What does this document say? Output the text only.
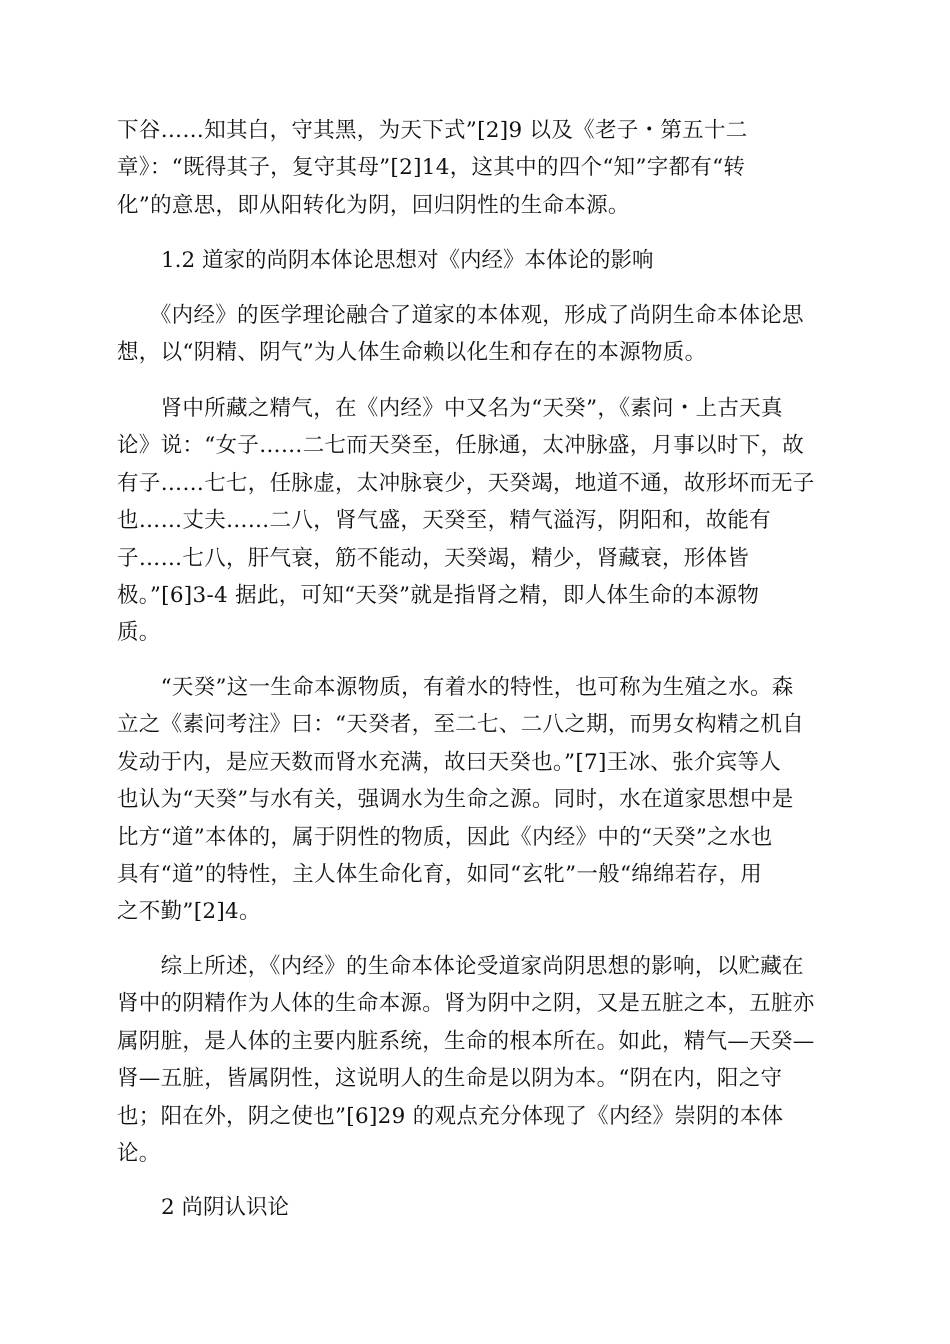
下谷……知其白，守其黑，为天下式”[2]9 以及《老子・第五十二
章》：“既得其子，复守其母”[2]14，这其中的四个“知”字都有“转
化”的意思，即从阳转化为阴，回归阴性的生命本源。

1.2 道家的尚阴本体论思想对《内经》本体论的影响

　　《内经》的医学理论融合了道家的本体观，形成了尚阴生命本体论思
想，以“阴精、阴气”为人体生命赖以化生和存在的本源物质。

　　肾中所藏之精气，在《内经》中又名为“天癸”，《素问・上古天真
论》说：“女子……二七而天癸至，任脉通，太冲脉盛，月事以时下，故
有子……七七，任脉虚，太冲脉衰少，天癸竭，地道不通，故形坏而无子
也……丈夫……二八，肾气盛，天癸至，精气溢泻，阴阳和，故能有
子……七八，肝气衰，筋不能动，天癸竭，精少，肾藏衰，形体皆
极。”[6]3-4 据此，可知“天癸”就是指肾之精，即人体生命的本源物
质。

　　“天癸”这一生命本源物质，有着水的特性，也可称为生殖之水。森
立之《素问考注》曰：“天癸者，至二七、二八之期，而男女构精之机自
发动于内，是应天数而肾水充满，故曰天癸也。”[7]王冰、张介宾等人
也认为“天癸”与水有关，强调水为生命之源。同时，水在道家思想中是
比方“道”本体的，属于阴性的物质，因此《内经》中的“天癸”之水也
具有“道”的特性，主人体生命化育，如同“玄牝”一般“绵绵若存，用
之不勤”[2]4。

　　综上所述，《内经》的生命本体论受道家尚阴思想的影响，以贮藏在
肾中的阴精作为人体的生命本源。肾为阴中之阴，又是五脏之本，五脏亦
属阴脏，是人体的主要内脏系统，生命的根本所在。如此，精气—天癸—
肾—五脏，皆属阴性，这说明人的生命是以阴为本。“阴在内，阳之守
也；阳在外，阴之使也”[6]29 的观点充分体现了《内经》崇阴的本体
论。

2 尚阴认识论
